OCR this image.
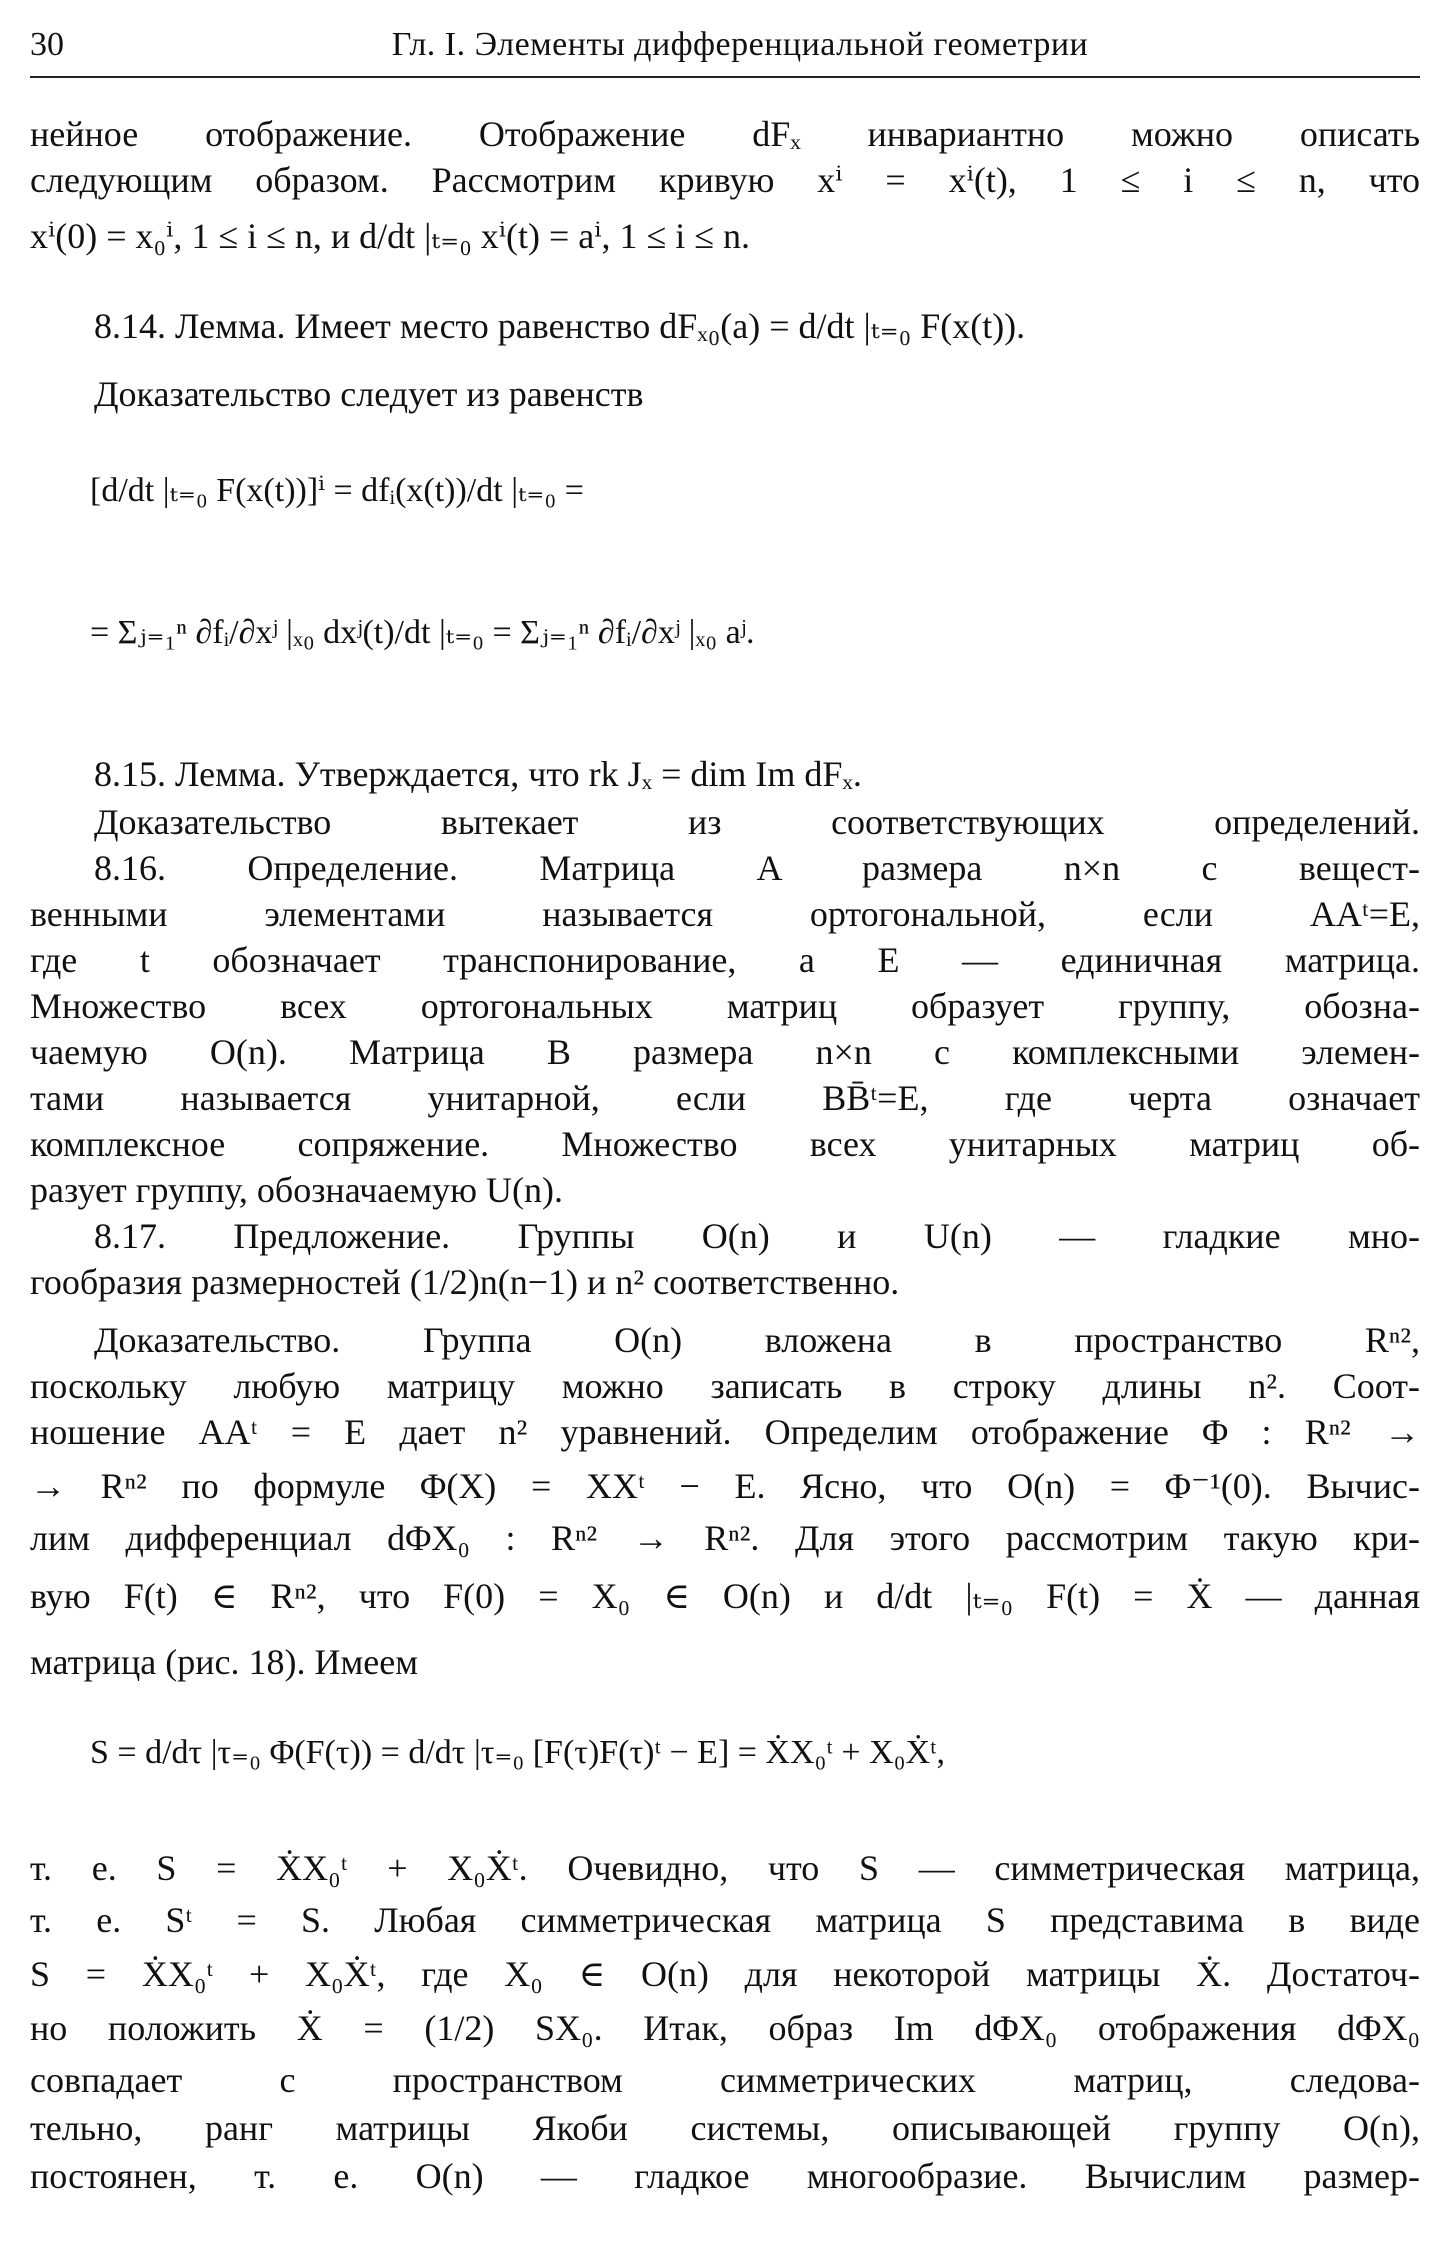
30	Гл. I. Элементы дифференциальной геометрии
нейное отображение. Отображение dFₓ инвариантно можно описать
следующим образом. Рассмотрим кривую xⁱ = xⁱ(t), 1 ≤ i ≤ n, что
xⁱ(0) = x₀ⁱ, 1 ≤ i ≤ n, и d/dt |ₜ₌₀ xⁱ(t) = aⁱ, 1 ≤ i ≤ n.
8.14. Лемма. Имеет место равенство dFₓ₀(a) = d/dt |ₜ₌₀ F(x(t)).
Доказательство следует из равенств
[d/dt |ₜ₌₀ F(x(t))]ⁱ = dfᵢ(x(t))/dt |ₜ₌₀ =
= Σⱼ₌₁ⁿ ∂fᵢ/∂xʲ |ₓ₀ dxʲ(t)/dt |ₜ₌₀ = Σⱼ₌₁ⁿ ∂fᵢ/∂xʲ |ₓ₀ aʲ.
8.15. Лемма. Утверждается, что rk Jₓ = dim Im dFₓ.
Доказательство вытекает из соответствующих определений.
8.16. Определение. Матрица A размера n×n с вещест-
венными элементами называется ортогональной, если AAᵗ=E,
где t обозначает транспонирование, а E — единичная матрица.
Множество всех ортогональных матриц образует группу, обозна-
чаемую O(n). Матрица B размера n×n с комплексными элемен-
тами называется унитарной, если BB̄ᵗ=E, где черта означает
комплексное сопряжение. Множество всех унитарных матриц об-
разует группу, обозначаемую U(n).
8.17. Предложение. Группы O(n) и U(n) — гладкие мно-
гообразия размерностей (1/2)n(n−1) и n² соответственно.
Доказательство. Группа O(n) вложена в пространство Rⁿ²,
поскольку любую матрицу можно записать в строку длины n². Соот-
ношение AAᵗ = E дает n² уравнений. Определим отображение Φ : Rⁿ² →
→ Rⁿ² по формуле Φ(X) = XXᵗ − E. Ясно, что O(n) = Φ⁻¹(0). Вычис-
лим дифференциал dΦX₀ : Rⁿ² → Rⁿ². Для этого рассмотрим такую кри-
вую F(t) ∈ Rⁿ², что F(0) = X₀ ∈ O(n) и d/dt |ₜ₌₀ F(t) = Ẋ — данная
матрица (рис. 18). Имеем
S = d/dτ |τ₌₀ Φ(F(τ)) = d/dτ |τ₌₀ [F(τ)F(τ)ᵗ − E] = ẊX₀ᵗ + X₀Ẋᵗ,
т. е. S = ẊX₀ᵗ + X₀Ẋᵗ. Очевидно, что S — симметрическая матрица,
т. е. Sᵗ = S. Любая симметрическая матрица S представима в виде
S = ẊX₀ᵗ + X₀Ẋᵗ, где X₀ ∈ O(n) для некоторой матрицы Ẋ. Достаточ-
но положить Ẋ = (1/2) SX₀. Итак, образ Im dΦX₀ отображения dΦX₀
совпадает с пространством симметрических матриц, следова-
тельно, ранг матрицы Якоби системы, описывающей группу O(n),
постоянен, т. е. O(n) — гладкое многообразие. Вычислим размер-
